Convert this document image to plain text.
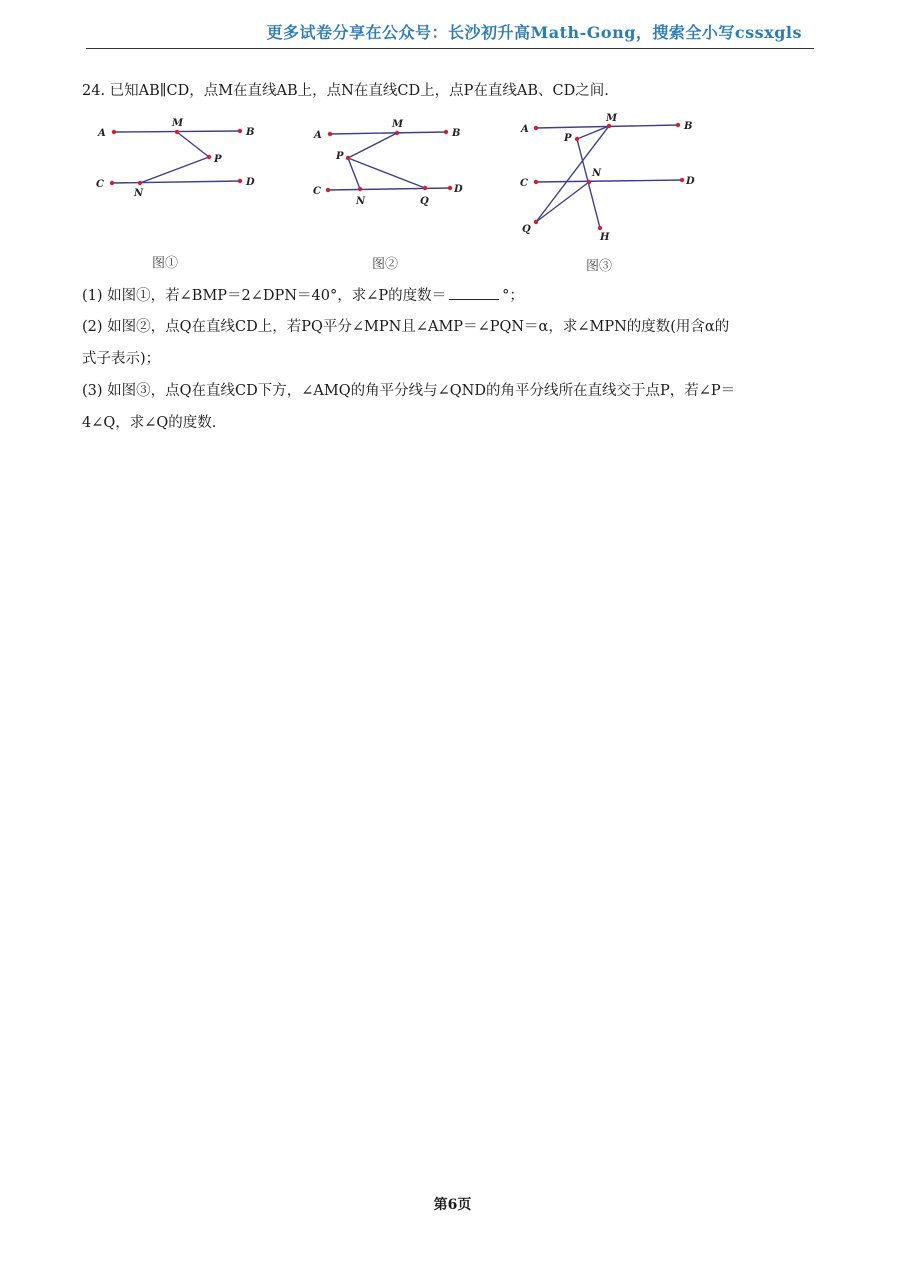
更多试卷分享在公众号：长沙初升高Math-Gong，搜索全小写cssxgls
24. 已知AB∥CD，点M在直线AB上，点N在直线CD上，点P在直线AB、CD之间.
A	B
M
P
C
N
D
图①
A	B
M
P
C
N	Q
D
图②
A	B
M
P
C
N
D
Q
H
图③
(1) 如图①，若∠BMP＝2∠DPN＝40°，求∠P的度数＝	°；
(2) 如图②，点Q在直线CD上，若PQ平分∠MPN且∠AMP＝∠PQN＝α，求∠MPN的度数(用含α的
式子表示)；
(3) 如图③，点Q在直线CD下方，∠AMQ的角平分线与∠QND的角平分线所在直线交于点P，若∠P＝
4∠Q，求∠Q的度数.
第6页
